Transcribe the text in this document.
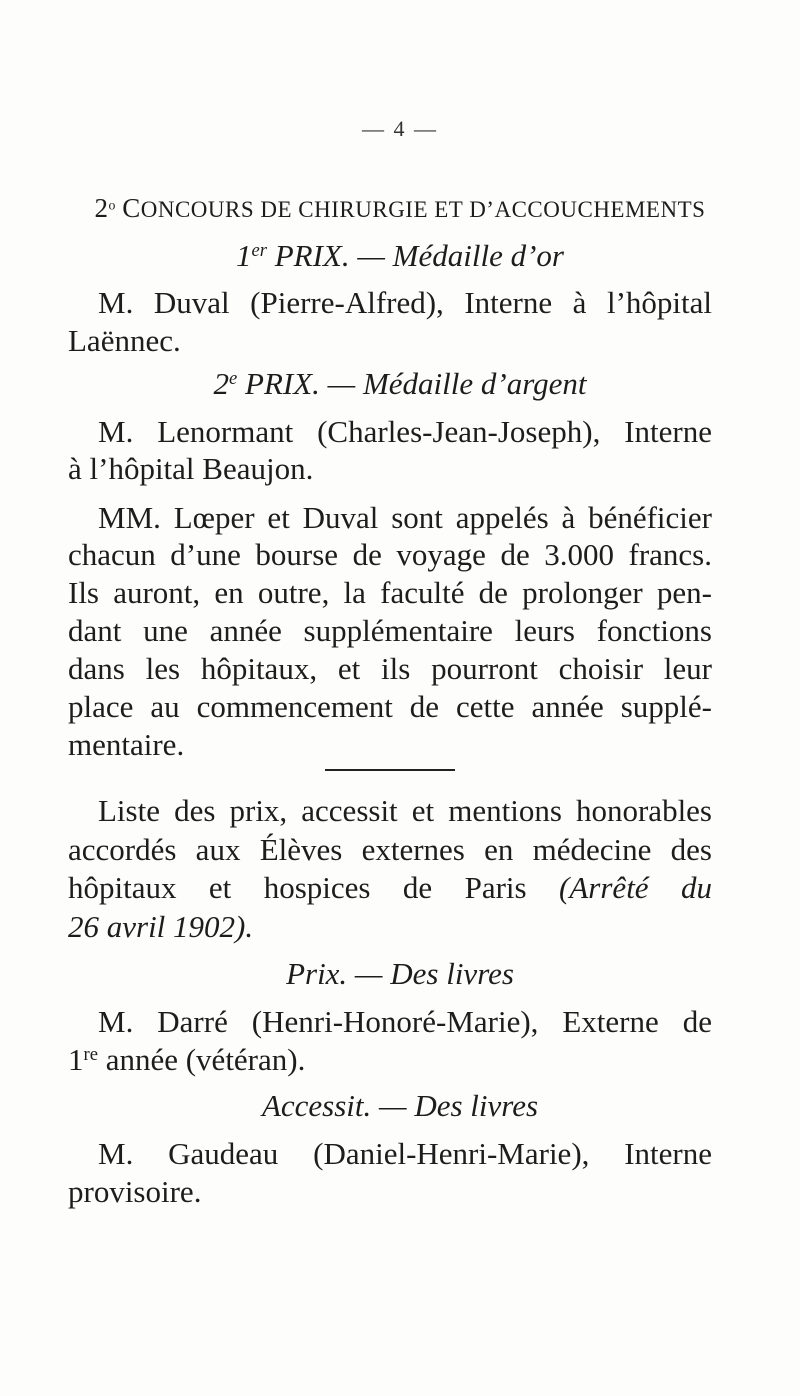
— 4 —
2$^o$ CONCOURS DE CHIRURGIE ET D’ACCOUCHEMENTS
1er PRIX. — Médaille d’or
M. Duval (Pierre-Alfred), Interne à l’hôpital
Laënnec.
2e PRIX. — Médaille d’argent
M. Lenormant (Charles-Jean-Joseph), Interne
à l’hôpital Beaujon.
MM. Lœper et Duval sont appelés à bénéficier
chacun d’une bourse de voyage de 3.000 francs.
Ils auront, en outre, la faculté de prolonger pen-
dant une année supplémentaire leurs fonctions
dans les hôpitaux, et ils pourront choisir leur
place au commencement de cette année supplé-
mentaire.
Liste des prix, accessit et mentions honorables
accordés aux Élèves externes en médecine des
hôpitaux et hospices de Paris (Arrêté du
26 avril 1902).
Prix. — Des livres
M. Darré (Henri-Honoré-Marie), Externe de
1re année (vétéran).
Accessit. — Des livres
M. Gaudeau (Daniel-Henri-Marie), Interne
provisoire.
